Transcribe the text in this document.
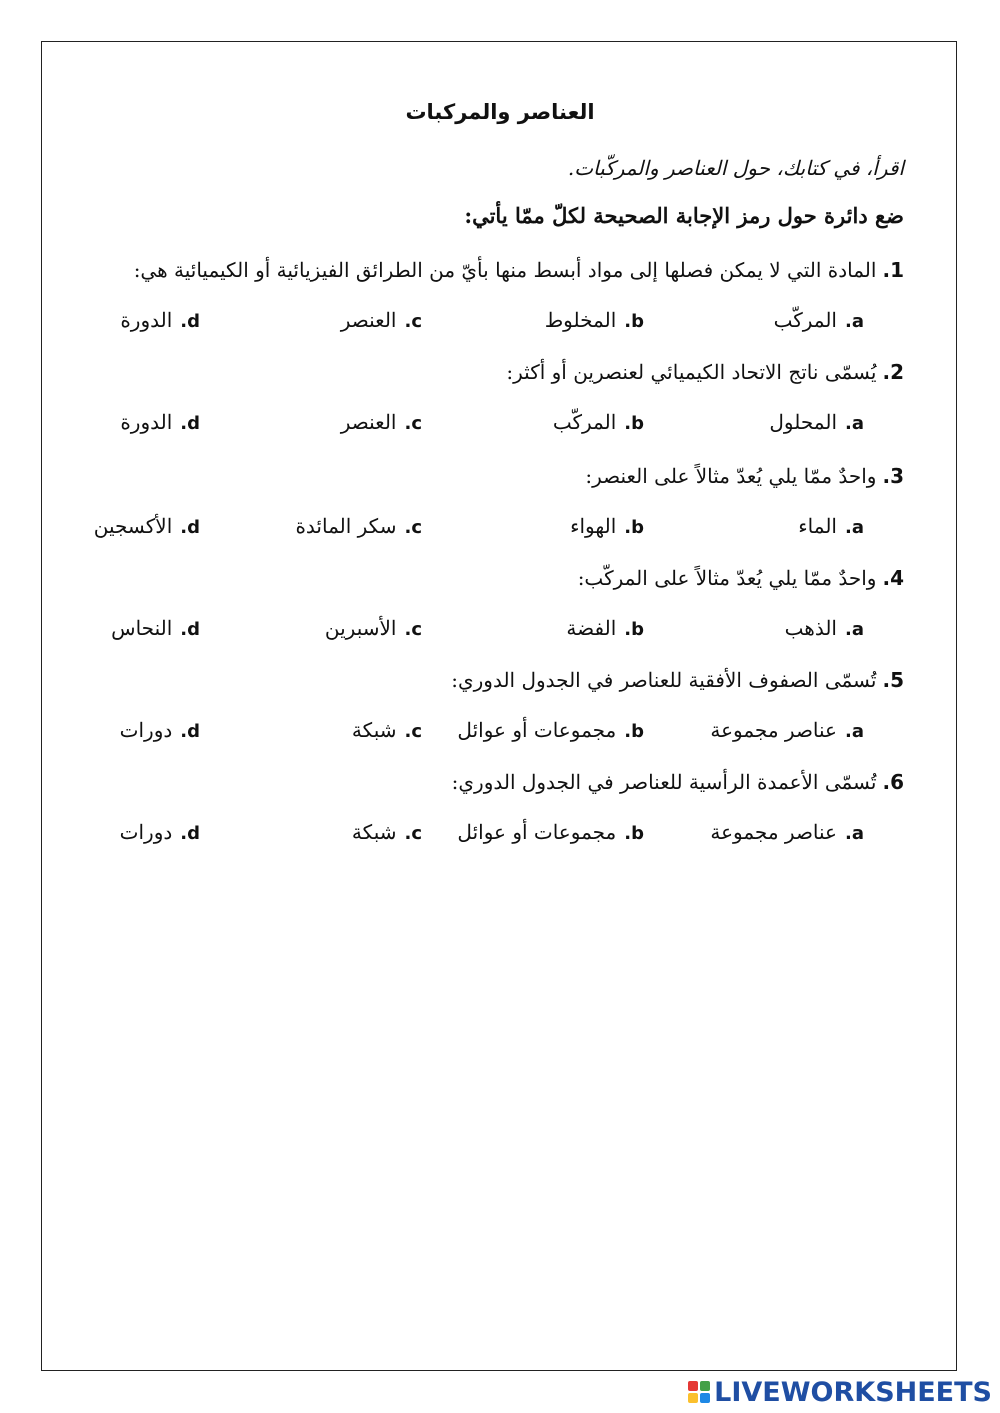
العناصر والمركبات
اقرأ، في كتابك، حول العناصر والمركّبات.
ضع دائرة حول رمز الإجابة الصحيحة لكلّ ممّا يأتي:
1.المادة التي لا يمكن فصلها إلى مواد أبسط منها بأيّ من الطرائق الفيزيائية أو الكيميائية هي:
a.المركّب
b.المخلوط
c.العنصر
d.الدورة
2.يُسمّى ناتج الاتحاد الكيميائي لعنصرين أو أكثر:
a.المحلول
b.المركّب
c.العنصر
d.الدورة
3.واحدٌ ممّا يلي يُعدّ مثالاً على العنصر:
a.الماء
b.الهواء
c.سكر المائدة
d.الأكسجين
4.واحدٌ ممّا يلي يُعدّ مثالاً على المركّب:
a.الذهب
b.الفضة
c.الأسبرين
d.النحاس
5.تُسمّى الصفوف الأفقية للعناصر في الجدول الدوري:
a.عناصر مجموعة
b.مجموعات أو عوائل
c.شبكة
d.دورات
6.تُسمّى الأعمدة الرأسية للعناصر في الجدول الدوري:
a.عناصر مجموعة
b.مجموعات أو عوائل
c.شبكة
d.دورات
LIVEWORKSHEETS
